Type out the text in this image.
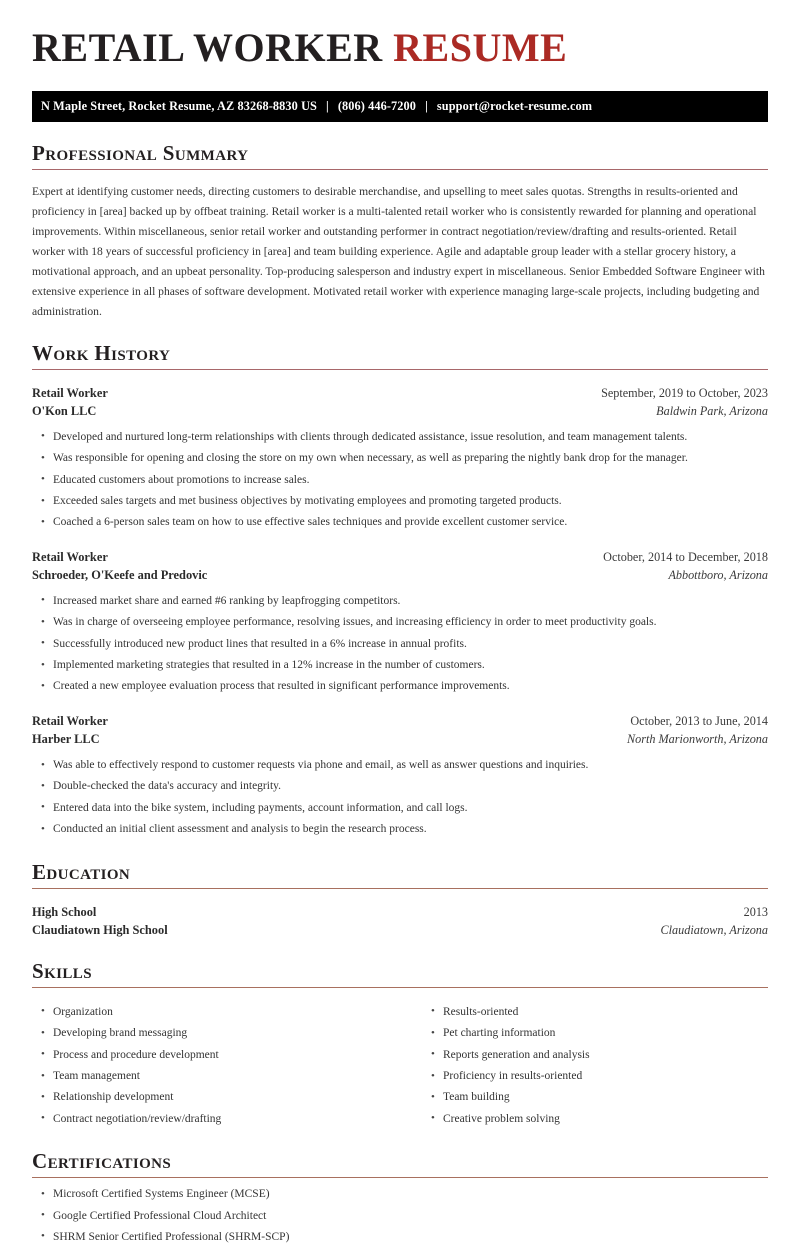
RETAIL WORKER RESUME
N Maple Street, Rocket Resume, AZ 83268-8830 US | (806) 446-7200 | support@rocket-resume.com
Professional Summary

Expert at identifying customer needs, directing customers to desirable merchandise, and upselling to meet sales quotas. Strengths in results-oriented and proficiency in [area] backed up by offbeat training. Retail worker is a multi-talented retail worker who is consistently rewarded for planning and operational improvements. Within miscellaneous, senior retail worker and outstanding performer in contract negotiation/review/drafting and results-oriented. Retail worker with 18 years of successful proficiency in [area] and team building experience. Agile and adaptable group leader with a stellar grocery history, a motivational approach, and an upbeat personality. Top-producing salesperson and industry expert in miscellaneous. Senior Embedded Software Engineer with extensive experience in all phases of software development. Motivated retail worker with experience managing large-scale projects, including budgeting and administration.

Work History
Retail Worker	September, 2019 to October, 2023
O'Kon LLC	Baldwin Park, Arizona
• Developed and nurtured long-term relationships with clients through dedicated assistance, issue resolution, and team management talents.
• Was responsible for opening and closing the store on my own when necessary, as well as preparing the nightly bank drop for the manager.
• Educated customers about promotions to increase sales.
• Exceeded sales targets and met business objectives by motivating employees and promoting targeted products.
• Coached a 6-person sales team on how to use effective sales techniques and provide excellent customer service.
Retail Worker	October, 2014 to December, 2018
Schroeder, O'Keefe and Predovic	Abbottboro, Arizona
• Increased market share and earned #6 ranking by leapfrogging competitors.
• Was in charge of overseeing employee performance, resolving issues, and increasing efficiency in order to meet productivity goals.
• Successfully introduced new product lines that resulted in a 6% increase in annual profits.
• Implemented marketing strategies that resulted in a 12% increase in the number of customers.
• Created a new employee evaluation process that resulted in significant performance improvements.
Retail Worker	October, 2013 to June, 2014
Harber LLC	North Marionworth, Arizona
• Was able to effectively respond to customer requests via phone and email, as well as answer questions and inquiries.
• Double-checked the data's accuracy and integrity.
• Entered data into the bike system, including payments, account information, and call logs.
• Conducted an initial client assessment and analysis to begin the research process.
Education
High School	2013
Claudiatown High School	Claudiatown, Arizona
Skills
• Organization
• Developing brand messaging
• Process and procedure development
• Team management
• Relationship development
• Contract negotiation/review/drafting
• Results-oriented
• Pet charting information
• Reports generation and analysis
• Proficiency in results-oriented
• Team building
• Creative problem solving
Certifications
• Microsoft Certified Systems Engineer (MCSE)
• Google Certified Professional Cloud Architect
• SHRM Senior Certified Professional (SHRM-SCP)
